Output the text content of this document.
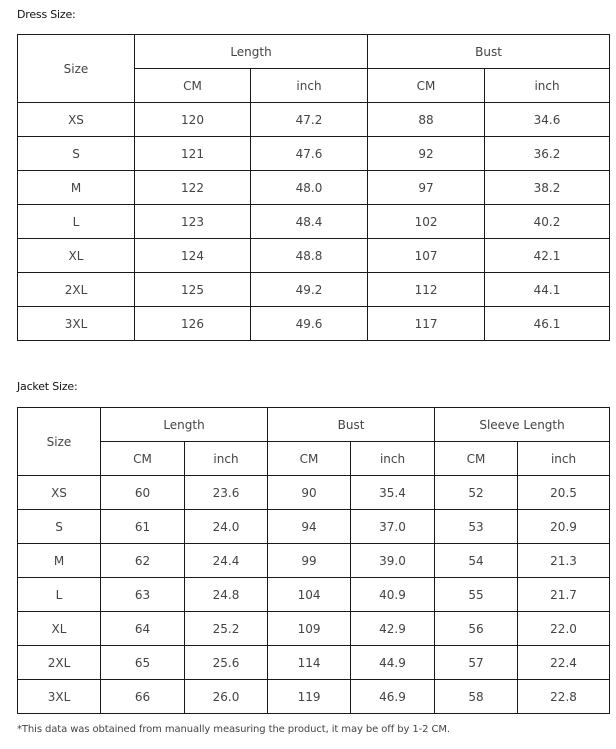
Dress Size:
Size	Length		Bust	
	CM	inch	CM	inch
XS	120	47.2	88	34.6
S	121	47.6	92	36.2
M	122	48.0	97	38.2
L	123	48.4	102	40.2
XL	124	48.8	107	42.1
2XL	125	49.2	112	44.1
3XL	126	49.6	117	46.1
Jacket Size:
Size	Length		Bust		Sleeve Length	
	CM	inch	CM	inch	CM	inch
XS	60	23.6	90	35.4	52	20.5
S	61	24.0	94	37.0	53	20.9
M	62	24.4	99	39.0	54	21.3
L	63	24.8	104	40.9	55	21.7
XL	64	25.2	109	42.9	56	22.0
2XL	65	25.6	114	44.9	57	22.4
3XL	66	26.0	119	46.9	58	22.8
*This data was obtained from manually measuring the product, it may be off by 1-2 CM.
